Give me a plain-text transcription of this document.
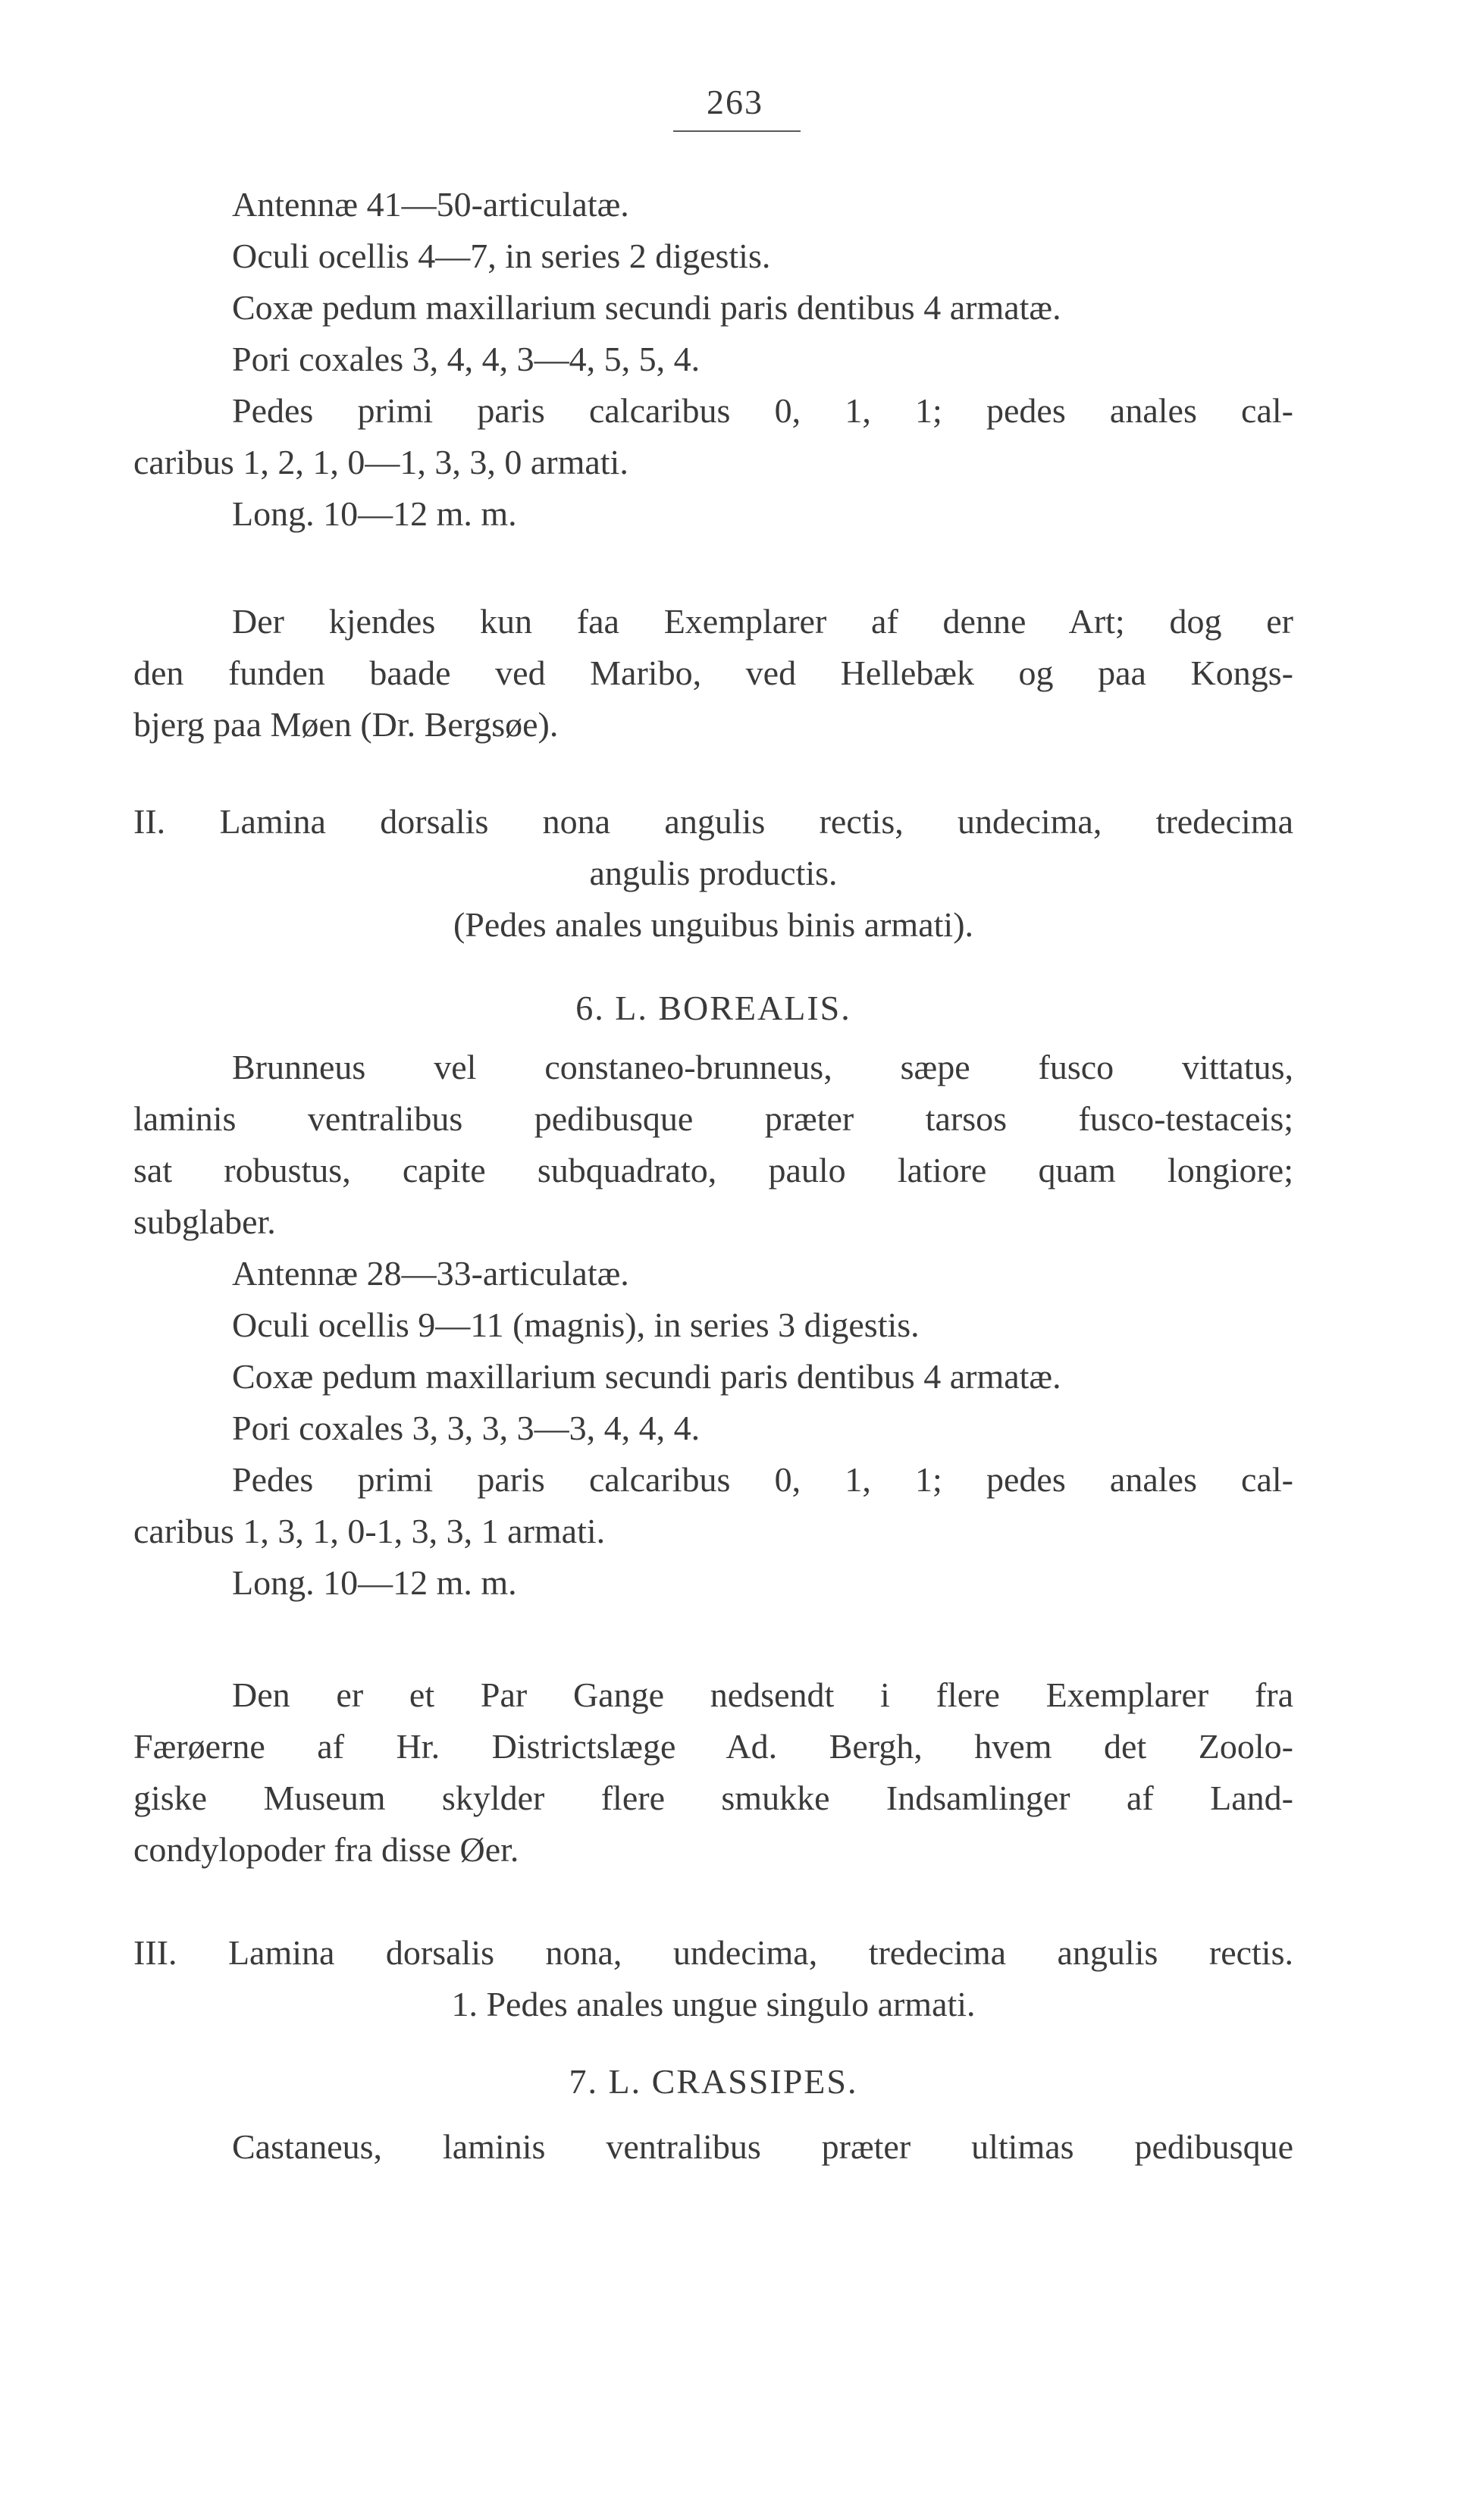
263
Antennæ 41—50-articulatæ.
Oculi ocellis 4—7, in series 2 digestis.
Coxæ pedum maxillarium secundi paris dentibus 4 armatæ.
Pori coxales 3, 4, 4, 3—4, 5, 5, 4.
Pedes primi paris calcaribus 0, 1, 1; pedes anales cal-
caribus 1, 2, 1, 0—1, 3, 3, 0 armati.
Long. 10—12 m. m.
Der kjendes kun faa Exemplarer af denne Art; dog er
den funden baade ved Maribo, ved Hellebæk og paa Kongs-
bjerg paa Møen (Dr. Bergsøe).
II. Lamina dorsalis nona angulis rectis, undecima, tredecima
angulis productis.
(Pedes anales unguibus binis armati).
6. L. BOREALIS.
Brunneus vel constaneo-brunneus, sæpe fusco vittatus,
laminis ventralibus pedibusque præter tarsos fusco-testaceis;
sat robustus, capite subquadrato, paulo latiore quam longiore;
subglaber.
Antennæ 28—33-articulatæ.
Oculi ocellis 9—11 (magnis), in series 3 digestis.
Coxæ pedum maxillarium secundi paris dentibus 4 armatæ.
Pori coxales 3, 3, 3, 3—3, 4, 4, 4.
Pedes primi paris calcaribus 0, 1, 1; pedes anales cal-
caribus 1, 3, 1, 0-1, 3, 3, 1 armati.
Long. 10—12 m. m.
Den er et Par Gange nedsendt i flere Exemplarer fra
Færøerne af Hr. Districtslæge Ad. Bergh, hvem det Zoolo-
giske Museum skylder flere smukke Indsamlinger af Land-
condylopoder fra disse Øer.
III. Lamina dorsalis nona, undecima, tredecima angulis rectis.
1. Pedes anales ungue singulo armati.
7. L. CRASSIPES.
Castaneus, laminis ventralibus præter ultimas pedibusque
